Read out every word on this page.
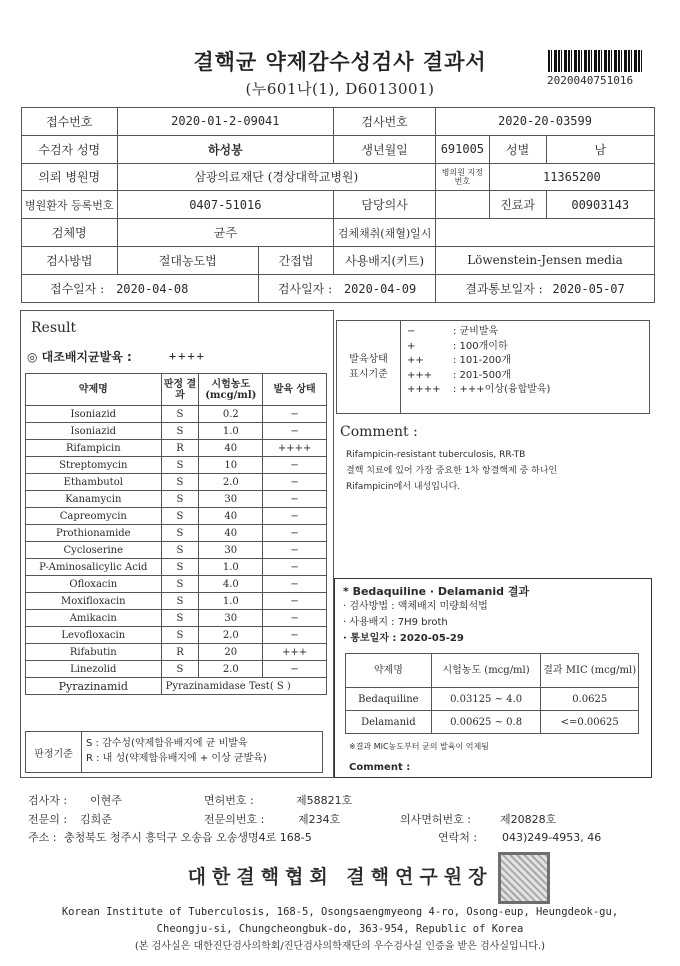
결핵균 약제감수성검사 결과서
(누601나(1), D6013001)	2020040751016
접수번호	2020-01-2-09041		검사번호	2020-20-03599		
수검자 성명	하성봉		생년월일	691005	성별	남
의뢰 병원명	삼광의료재단 (경상대학교병원)			병의원 지정번호	11365200	
병원환자 등록번호	0407-51016		담당의사		진료과	00903143
검체명	균주		검체채취(채혈)일시			
검사방법	절대농도법	간접법	사용배지(키트)	Löwenstein-Jensen media		
접수일자 : 2020-04-08		검사일자 : 2020-04-09		결과통보일자 : 2020-05-07		
Result
◎ 대조배지균발육 :	++++
약제명	판정 결과	시험농도 (mcg/ml)	발육 상태
Isoniazid	S	0.2	−
Isoniazid	S	1.0	−
Rifampicin	R	40	++++
Streptomycin	S	10	−
Ethambutol	S	2.0	−
Kanamycin	S	30	−
Capreomycin	S	40	−
Prothionamide	S	40	−
Cycloserine	S	30	−
P-Aminosalicylic Acid	S	1.0	−
Ofloxacin	S	4.0	−
Moxifloxacin	S	1.0	−
Amikacin	S	30	−
Levofloxacin	S	2.0	−
Rifabutin	R	20	+++
Linezolid	S	2.0	−
Pyrazinamid	Pyrazinamidase Test( S )		
판정기준
S : 감수성(약제함유배지에 균 비발육
R : 내 성(약제함유배지에 + 이상 균발육)
발육상태
표시기준
−	: 균비발육
+	: 100개이하
++	: 101-200개
+++ : 201-500개
++++ : +++이상(융합발육)
Comment :
Rifampicin-resistant tuberculosis, RR-TB
결핵 치료에 있어 가장 중요한 1차 항결핵제 중 하나인
Rifampicin에서 내성입니다.
* Bedaquiline · Delamanid 결과
· 검사방법 : 액체배지 미량희석법
· 사용배지 : 7H9 broth
· 통보일자 : 2020-05-29
약제명	시험농도 (mcg/ml)	결과 MIC (mcg/ml)
Bedaquiline	0.03125 ~ 4.0	0.0625
Delamanid	0.00625 ~ 0.8	<=0.00625
※결과 MIC농도부터 균의 발육이 억제됨
Comment :
검사자 : 이현주	면허번호 :	제58821호
전문의 : 김희준	전문의번호 :	제234호	의사면허번호 :	제20828호
주소 : 충청북도 청주시 흥덕구 오송읍 오송생명4로 168-5	연락처 : 043)249-4953, 46
대한결핵협회 결핵연구원장
Korean Institute of Tuberculosis, 168-5, Osongsaengmyeong 4-ro, Osong-eup, Heungdeok-gu,
Cheongju-si, Chungcheongbuk-do, 363-954, Republic of Korea
(본 검사실은 대한진단검사의학회/진단검사의학재단의 우수검사실 인증을 받은 검사실입니다.)
